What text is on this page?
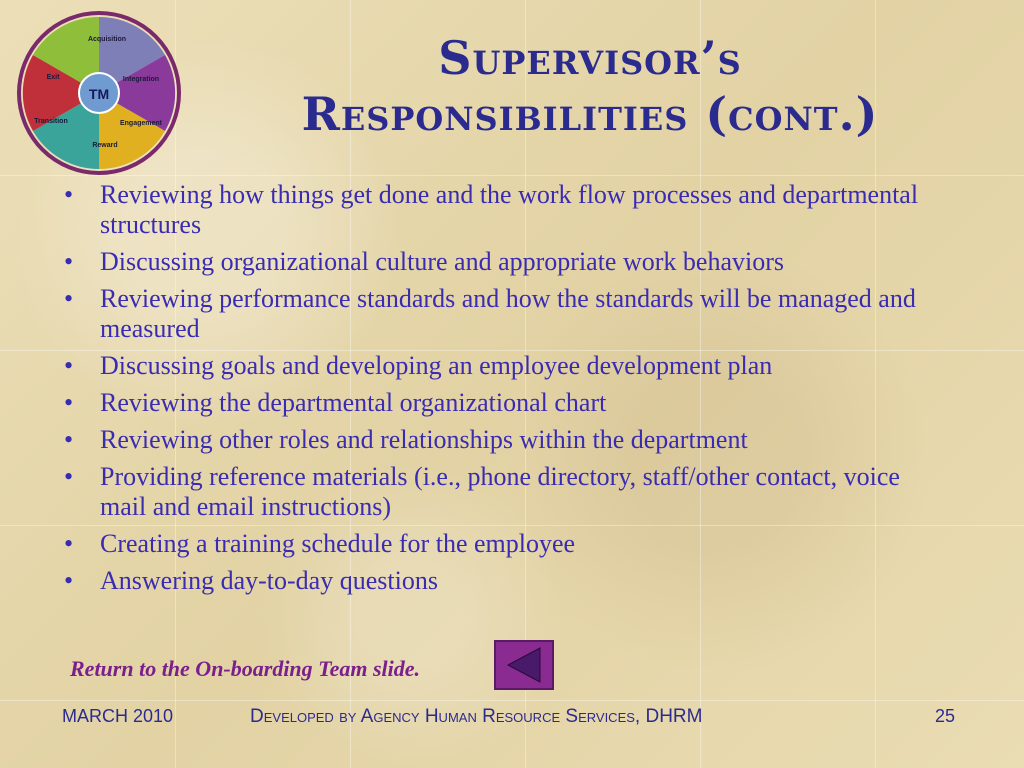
TM
Acquisition
Integration
Engagement
Reward
Transition
Exit	Supervisor’s
Responsibilities (cont.)
• Reviewing how things get done and the work flow processes and departmental structures
• Discussing organizational culture and appropriate work behaviors
• Reviewing performance standards and how the standards will be managed and measured
• Discussing goals and developing an employee development plan
• Reviewing the departmental organizational chart
• Reviewing other roles and relationships within the department
• Providing reference materials (i.e., phone directory, staff/other contact, voice mail and email instructions)
• Creating a training schedule for the employee
• Answering day-to-day questions
Return to the On-boarding Team slide.
MARCH 2010	Developed by Agency Human Resource Services, DHRM	25
